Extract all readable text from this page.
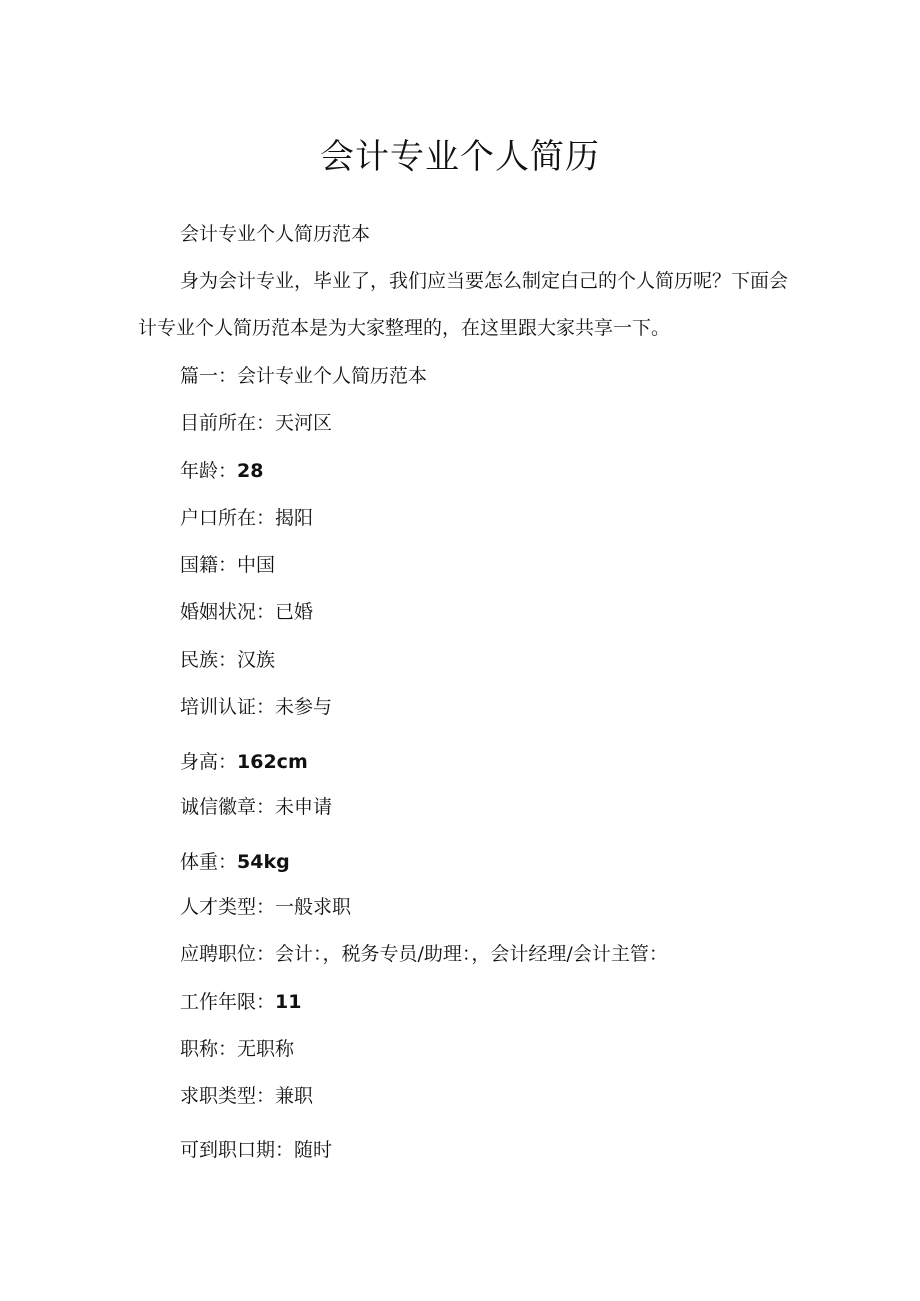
会计专业个人简历

会计专业个人简历范本

身为会计专业，毕业了，我们应当要怎么制定白己的个人简历呢？下面会计专业个人简历范本是为大家整理的，在这里跟大家共享一下。

篇一：会计专业个人简历范本

目前所在：天河区

年龄：28

户口所在：揭阳

国籍：中国

婚姻状况：已婚

民族：汉族

培训认证：未参与

身高：162cm

诚信徽章：未申请

体重：54kg

人才类型：一般求职

应聘职位：会计：，税务专员/助理：，会计经理/会计主管：

工作年限：11

职称：无职称

求职类型：兼职

可到职口期：随时
